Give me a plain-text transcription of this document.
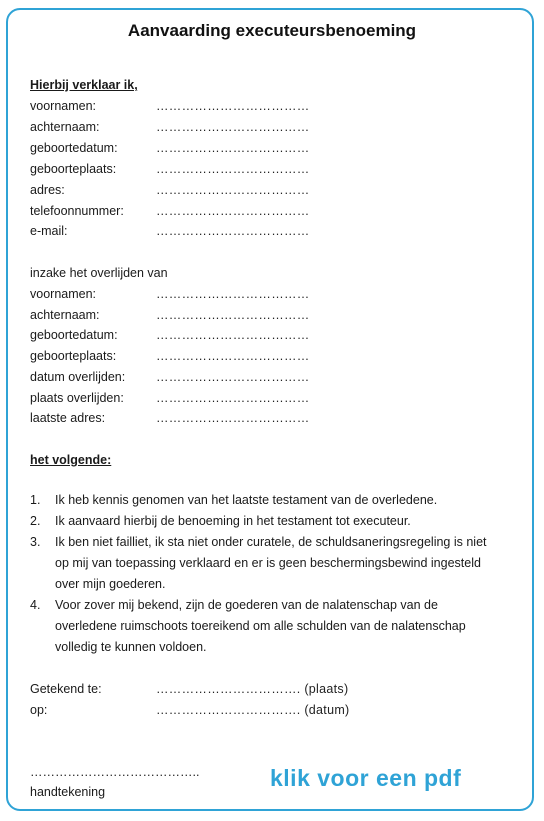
Aanvaarding executeursbenoeming
Hierbij verklaar ik,
voornamen:	………………………………
achternaam:	………………………………
geboortedatum:	………………………………
geboorteplaats:	………………………………
adres:	………………………………
telefoonnummer:	………………………………
e-mail:	………………………………
inzake het overlijden van
voornamen:	………………………………
achternaam:	………………………………
geboortedatum:	………………………………
geboorteplaats:	………………………………
datum overlijden: ………………………………
plaats overlijden:	………………………………
laatste adres:	………………………………
het volgende:
1. Ik heb kennis genomen van het laatste testament van de overledene.
2. Ik aanvaard hierbij de benoeming in het testament tot executeur.
3. Ik ben niet failliet, ik sta niet onder curatele, de schuldsaneringsregeling is niet op mij van toepassing verklaard en er is geen beschermingsbewind ingesteld over mijn goederen.
4. Voor zover mij bekend, zijn de goederen van de nalatenschap van de overledene ruimschoots toereikend om alle schulden van de nalatenschap volledig te kunnen voldoen.
Getekend te:	……………………………. (plaats)
op:	……………………………. (datum)
…………………………………..
handtekening
klik voor een pdf
